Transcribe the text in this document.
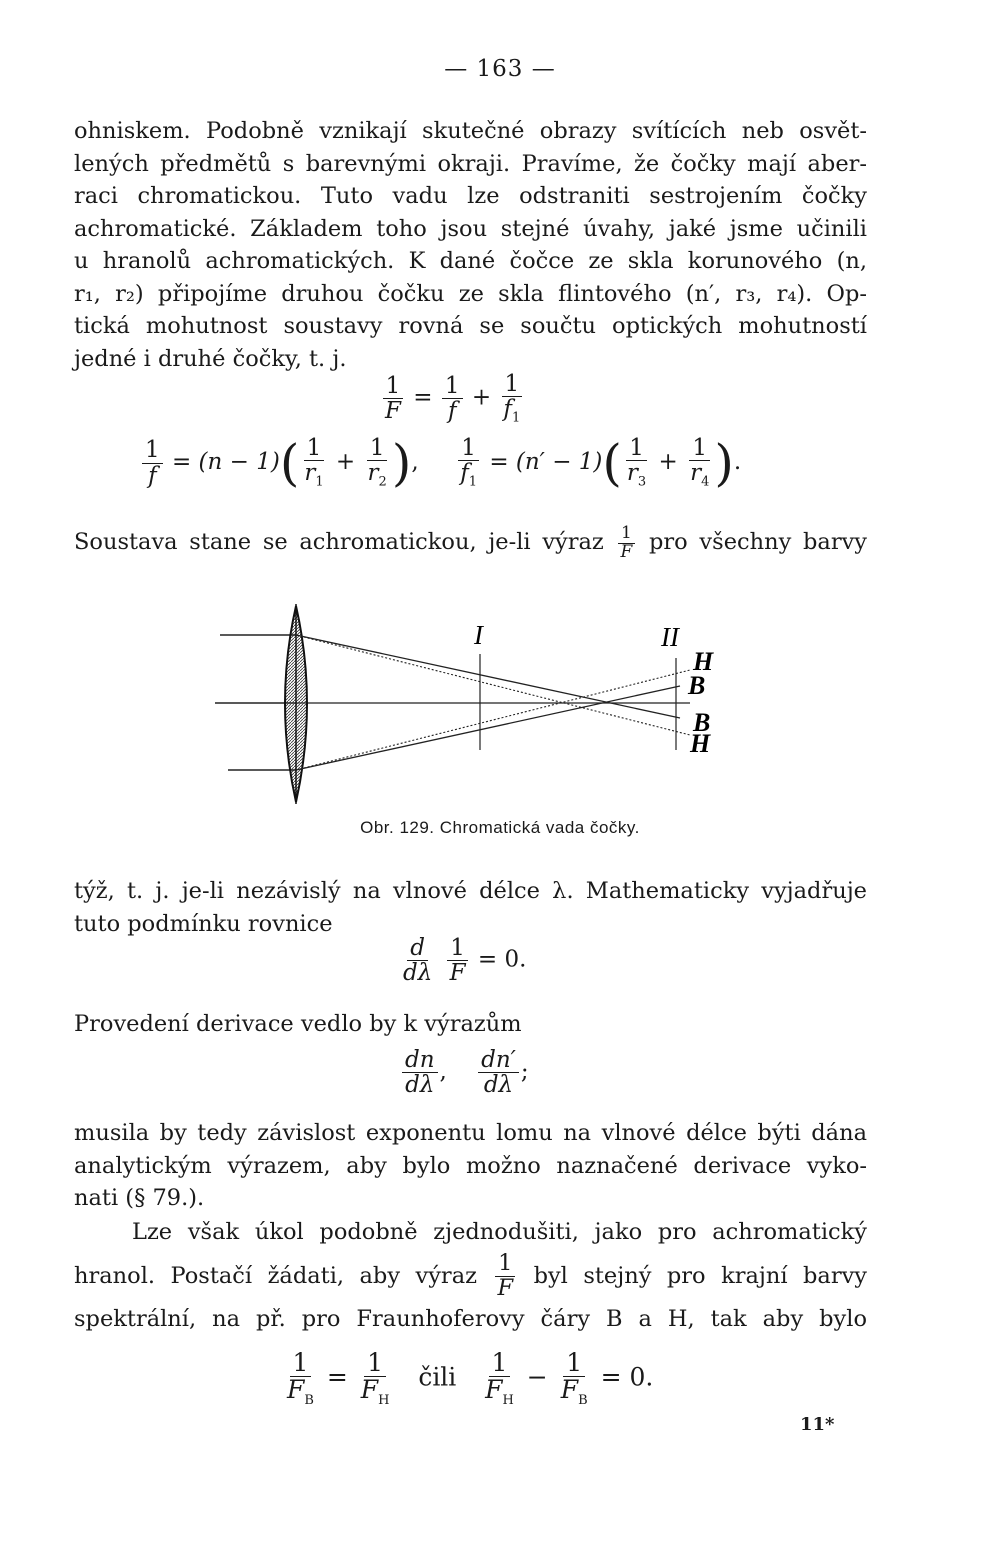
— 163 —
ohniskem. Podobně vznikají skutečné obrazy svítících neb osvět-
lených předmětů s barevnými okraji. Pravíme, že čočky mají aber-
raci chromatickou. Tuto vadu lze odstraniti sestrojením čočky
achromatické. Základem toho jsou stejné úvahy, jaké jsme učinili
u hranolů achromatických. K dané čočce ze skla korunového (n,
r₁, r₂) připojíme druhou čočku ze skla flintového (n′, r₃, r₄). Op-
tická mohutnost soustavy rovná se součtu optických mohutností
jedné i druhé čočky, t. j.
$\frac{1}{F} = \frac{1}{f} + \frac{1}{f_1}$
$\frac{1}{f} = (n - 1)( \frac{1}{r_1} + \frac{1}{r_2}$ ), $\frac{1}{f_1} = (n' - 1)( \frac{1}{r_3} + \frac{1}{r_4}$ ).
Soustava stane se achromatickou, je-li výraz $\frac{1}{F}$ pro všechny barvy
I	II
H
B
B
H
Obr. 129. Chromatická vada čočky.
týž, t. j. je-li nezávislý na vlnové délce λ. Mathematicky vyjadřuje
tuto podmínku rovnice
$\frac{d}{d\lambda}$
$\frac{1}{F} = 0$.
Provedení derivace vedlo by k výrazům
$\frac{dn}{d\lambda}$ , $\frac{dn'}{d\lambda}$ ;
musila by tedy závislost exponentu lomu na vlnové délce býti dána
analytickým výrazem, aby bylo možno naznačené derivace vyko-
nati (§ 79.).
Lze však úkol podobně zjednodušiti, jako pro achromatický
hranol. Postačí žádati, aby výraz $\frac{1}{F}$ byl stejný pro krajní barvy
spektrální, na př. pro Fraunhoferovy čáry B a H, tak aby bylo
$\frac{1}{F_B} = \frac{1}{F_H}$ čili $\frac{1}{F_H} - \frac{1}{F_B} = 0$.
11*
